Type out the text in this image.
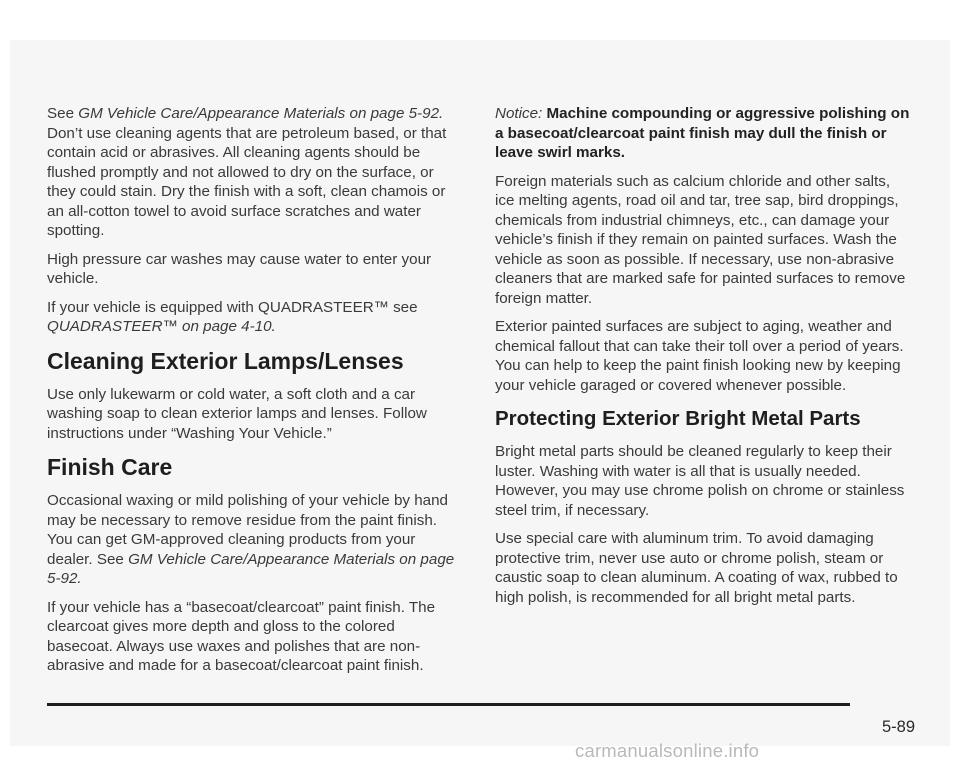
See GM Vehicle Care/Appearance Materials on page 5-92. Don’t use cleaning agents that are petroleum based, or that contain acid or abrasives. All cleaning agents should be flushed promptly and not allowed to dry on the surface, or they could stain. Dry the finish with a soft, clean chamois or an all-cotton towel to avoid surface scratches and water spotting.

High pressure car washes may cause water to enter your vehicle.

If your vehicle is equipped with QUADRASTEER™ see QUADRASTEER™ on page 4-10.

Cleaning Exterior Lamps/Lenses

Use only lukewarm or cold water, a soft cloth and a car washing soap to clean exterior lamps and lenses. Follow instructions under “Washing Your Vehicle.”

Finish Care

Occasional waxing or mild polishing of your vehicle by hand may be necessary to remove residue from the paint finish. You can get GM-approved cleaning products from your dealer. See GM Vehicle Care/Appearance Materials on page 5-92.

If your vehicle has a “basecoat/clearcoat” paint finish. The clearcoat gives more depth and gloss to the colored basecoat. Always use waxes and polishes that are non-abrasive and made for a basecoat/clearcoat paint finish.

Notice: Machine compounding or aggressive polishing on a basecoat/clearcoat paint finish may dull the finish or leave swirl marks.

Foreign materials such as calcium chloride and other salts, ice melting agents, road oil and tar, tree sap, bird droppings, chemicals from industrial chimneys, etc., can damage your vehicle’s finish if they remain on painted surfaces. Wash the vehicle as soon as possible. If necessary, use non-abrasive cleaners that are marked safe for painted surfaces to remove foreign matter.

Exterior painted surfaces are subject to aging, weather and chemical fallout that can take their toll over a period of years. You can help to keep the paint finish looking new by keeping your vehicle garaged or covered whenever possible.

Protecting Exterior Bright Metal Parts

Bright metal parts should be cleaned regularly to keep their luster. Washing with water is all that is usually needed. However, you may use chrome polish on chrome or stainless steel trim, if necessary.

Use special care with aluminum trim. To avoid damaging protective trim, never use auto or chrome polish, steam or caustic soap to clean aluminum. A coating of wax, rubbed to high polish, is recommended for all bright metal parts.

5-89
carmanualsonline.info
